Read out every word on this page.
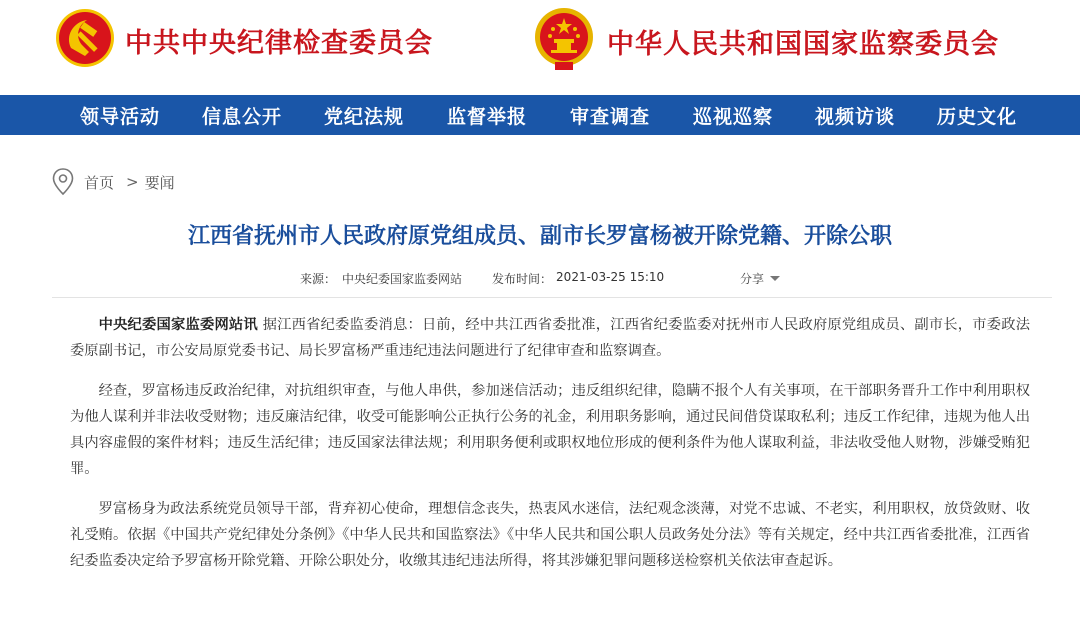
中共中央纪律检查委员会	中华人民共和国国家监察委员会
领导活动 信息公开 党纪法规 监督举报 审查调查 巡视巡察 视频访谈 历史文化
首页 > 要闻
江西省抚州市人民政府原党组成员、副市长罗富杨被开除党籍、开除公职
来源： 中央纪委国家监委网站	发布时间： 2021-03-25 15:10	分享

中央纪委国家监委网站讯 据江西省纪委监委消息：日前，经中共江西省委批准，江西省纪委监委对抚州市人民政府原党组成员、副市长，市委政法委原副书记，市公安局原党委书记、局长罗富杨严重违纪违法问题进行了纪律审查和监察调查。

经查，罗富杨违反政治纪律，对抗组织审查，与他人串供，参加迷信活动；违反组织纪律，隐瞒不报个人有关事项，在干部职务晋升工作中利用职权为他人谋利并非法收受财物；违反廉洁纪律，收受可能影响公正执行公务的礼金，利用职务影响，通过民间借贷谋取私利；违反工作纪律，违规为他人出具内容虚假的案件材料；违反生活纪律；违反国家法律法规；利用职务便利或职权地位形成的便利条件为他人谋取利益，非法收受他人财物，涉嫌受贿犯罪。

罗富杨身为政法系统党员领导干部，背弃初心使命，理想信念丧失，热衷风水迷信，法纪观念淡薄，对党不忠诚、不老实，利用职权，放贷敛财、收礼受贿。依据《中国共产党纪律处分条例》《中华人民共和国监察法》《中华人民共和国公职人员政务处分法》等有关规定，经中共江西省委批准，江西省纪委监委决定给予罗富杨开除党籍、开除公职处分，收缴其违纪违法所得，将其涉嫌犯罪问题移送检察机关依法审查起诉。
